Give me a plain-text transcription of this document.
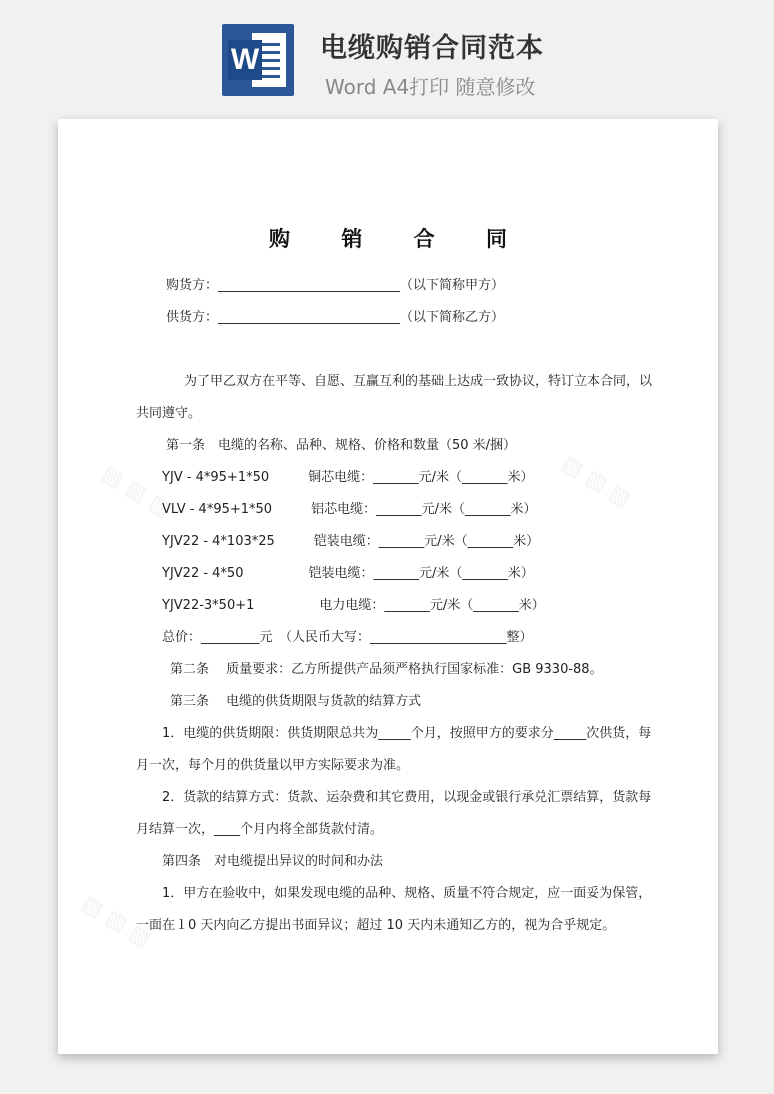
W 电缆购销合同范本
Word A4打印 随意修改
▧ ▧ ▧	▧ ▧ ▧
▧ ▧ ▧
购 销 合 同
购货方：____________________________（以下简称甲方）
供货方：____________________________（以下简称乙方）
为了甲乙双方在平等、自愿、互赢互利的基础上达成一致协议，特订立本合同，以
共同遵守。
第一条　电缆的名称、品种、规格、价格和数量（50 米/捆）
YJV - 4*95+1*50　　　铜芯电缆：_______元/米（_______米）
VLV - 4*95+1*50　　　铝芯电缆：_______元/米（_______米）
YJV22 - 4*103*25　　　铠装电缆：_______元/米（_______米）
YJV22 - 4*50　　　　　铠装电缆：_______元/米（_______米）
YJV22-3*50+1　　　　　电力电缆：_______元/米（_______米）
总价：_________元　（人民币大写：_____________________整）
第二条　 质量要求：乙方所提供产品须严格执行国家标准：GB 9330-88。
第三条　 电缆的供货期限与货款的结算方式
1．电缆的供货期限：供货期限总共为_____个月，按照甲方的要求分_____次供货，每
月一次，每个月的供货量以甲方实际要求为准。
2．货款的结算方式：货款、运杂费和其它费用，以现金或银行承兑汇票结算，货款每
月结算一次，____个月内将全部货款付清。
第四条　对电缆提出异议的时间和办法
1．甲方在验收中，如果发现电缆的品种、规格、质量不符合规定，应一面妥为保管，
一面在１0 天内向乙方提出书面异议；超过 10 天内未通知乙方的，视为合乎规定。
